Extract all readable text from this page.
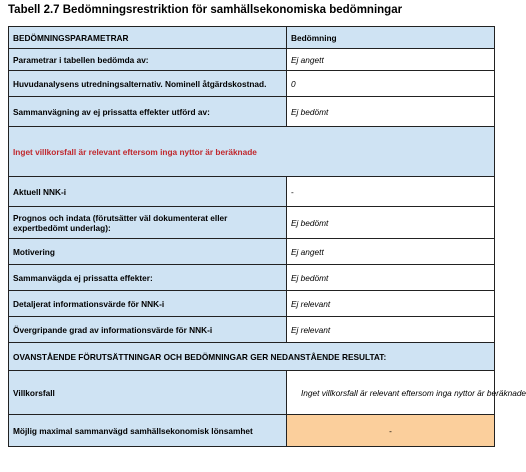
Tabell 2.7 Bedömningsrestriktion för samhällsekonomiska bedömningar
BEDÖMNINGSPARAMETRAR	Bedömning
Parametrar i tabellen bedömda av:	Ej angett
Huvudanalysens utredningsalternativ. Nominell åtgärdskostnad.	0
Sammanvägning av ej prissatta effekter utförd av:	Ej bedömt
Inget villkorsfall är relevant eftersom inga nyttor är beräknade	
Aktuell NNK-i	-
Prognos och indata (förutsätter väl dokumenterat eller expertbedömt underlag):	Ej bedömt
Motivering	Ej angett
Sammanvägda ej prissatta effekter:	Ej bedömt
Detaljerat informationsvärde för NNK-i	Ej relevant
Övergripande grad av informationsvärde för NNK-i	Ej relevant
OVANSTÅENDE FÖRUTSÄTTNINGAR OCH BEDÖMNINGAR GER NEDANSTÅENDE RESULTAT:	
Villkorsfall	Inget villkorsfall är relevant eftersom inga nyttor är beräknade
Möjlig maximal sammanvägd samhällsekonomisk lönsamhet	-
